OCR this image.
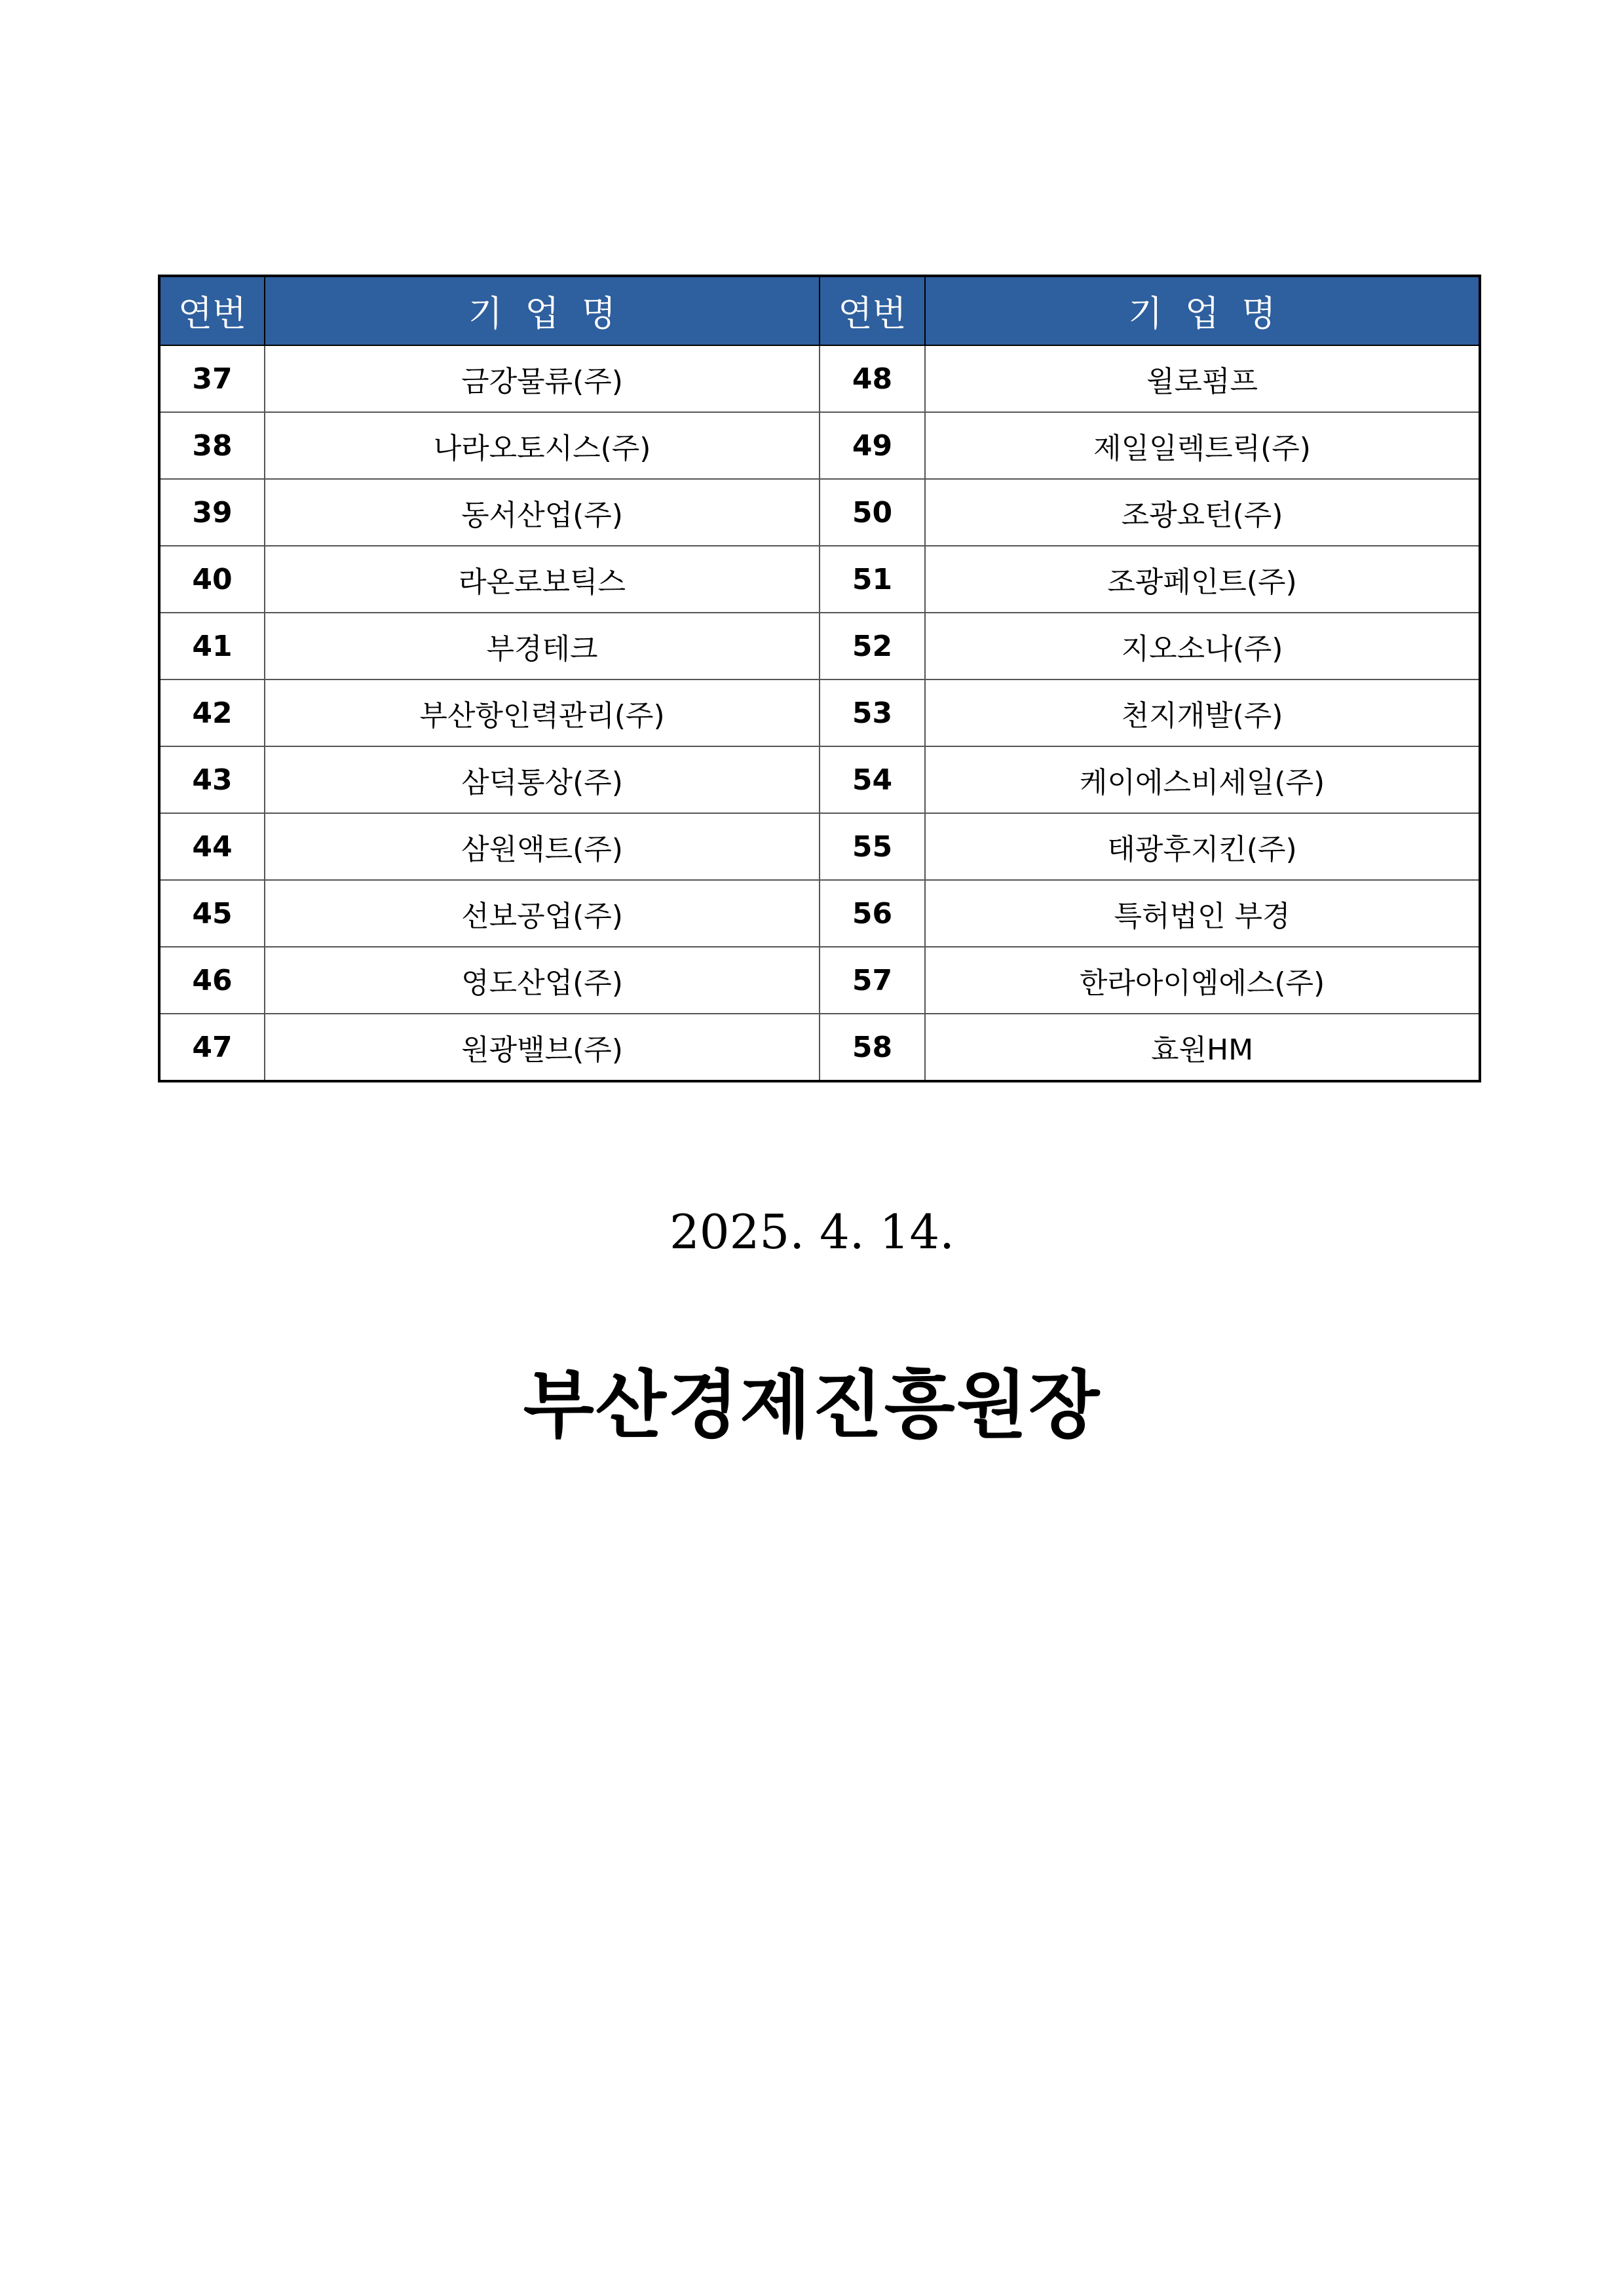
연번	기  업  명	연번	기  업  명
37	금강물류(주)	48	윌로펌프
38	나라오토시스(주)	49	제일일렉트릭(주)
39	동서산업(주)	50	조광요턴(주)
40	라온로보틱스	51	조광페인트(주)
41	부경테크	52	지오소나(주)
42	부산항인력관리(주)	53	천지개발(주)
43	삼덕통상(주)	54	케이에스비세일(주)
44	삼원액트(주)	55	태광후지킨(주)
45	선보공업(주)	56	특허법인 부경
46	영도산업(주)	57	한라아이엠에스(주)
47	원광밸브(주)	58	효원HM
2025. 4. 14.
부산경제진흥원장
